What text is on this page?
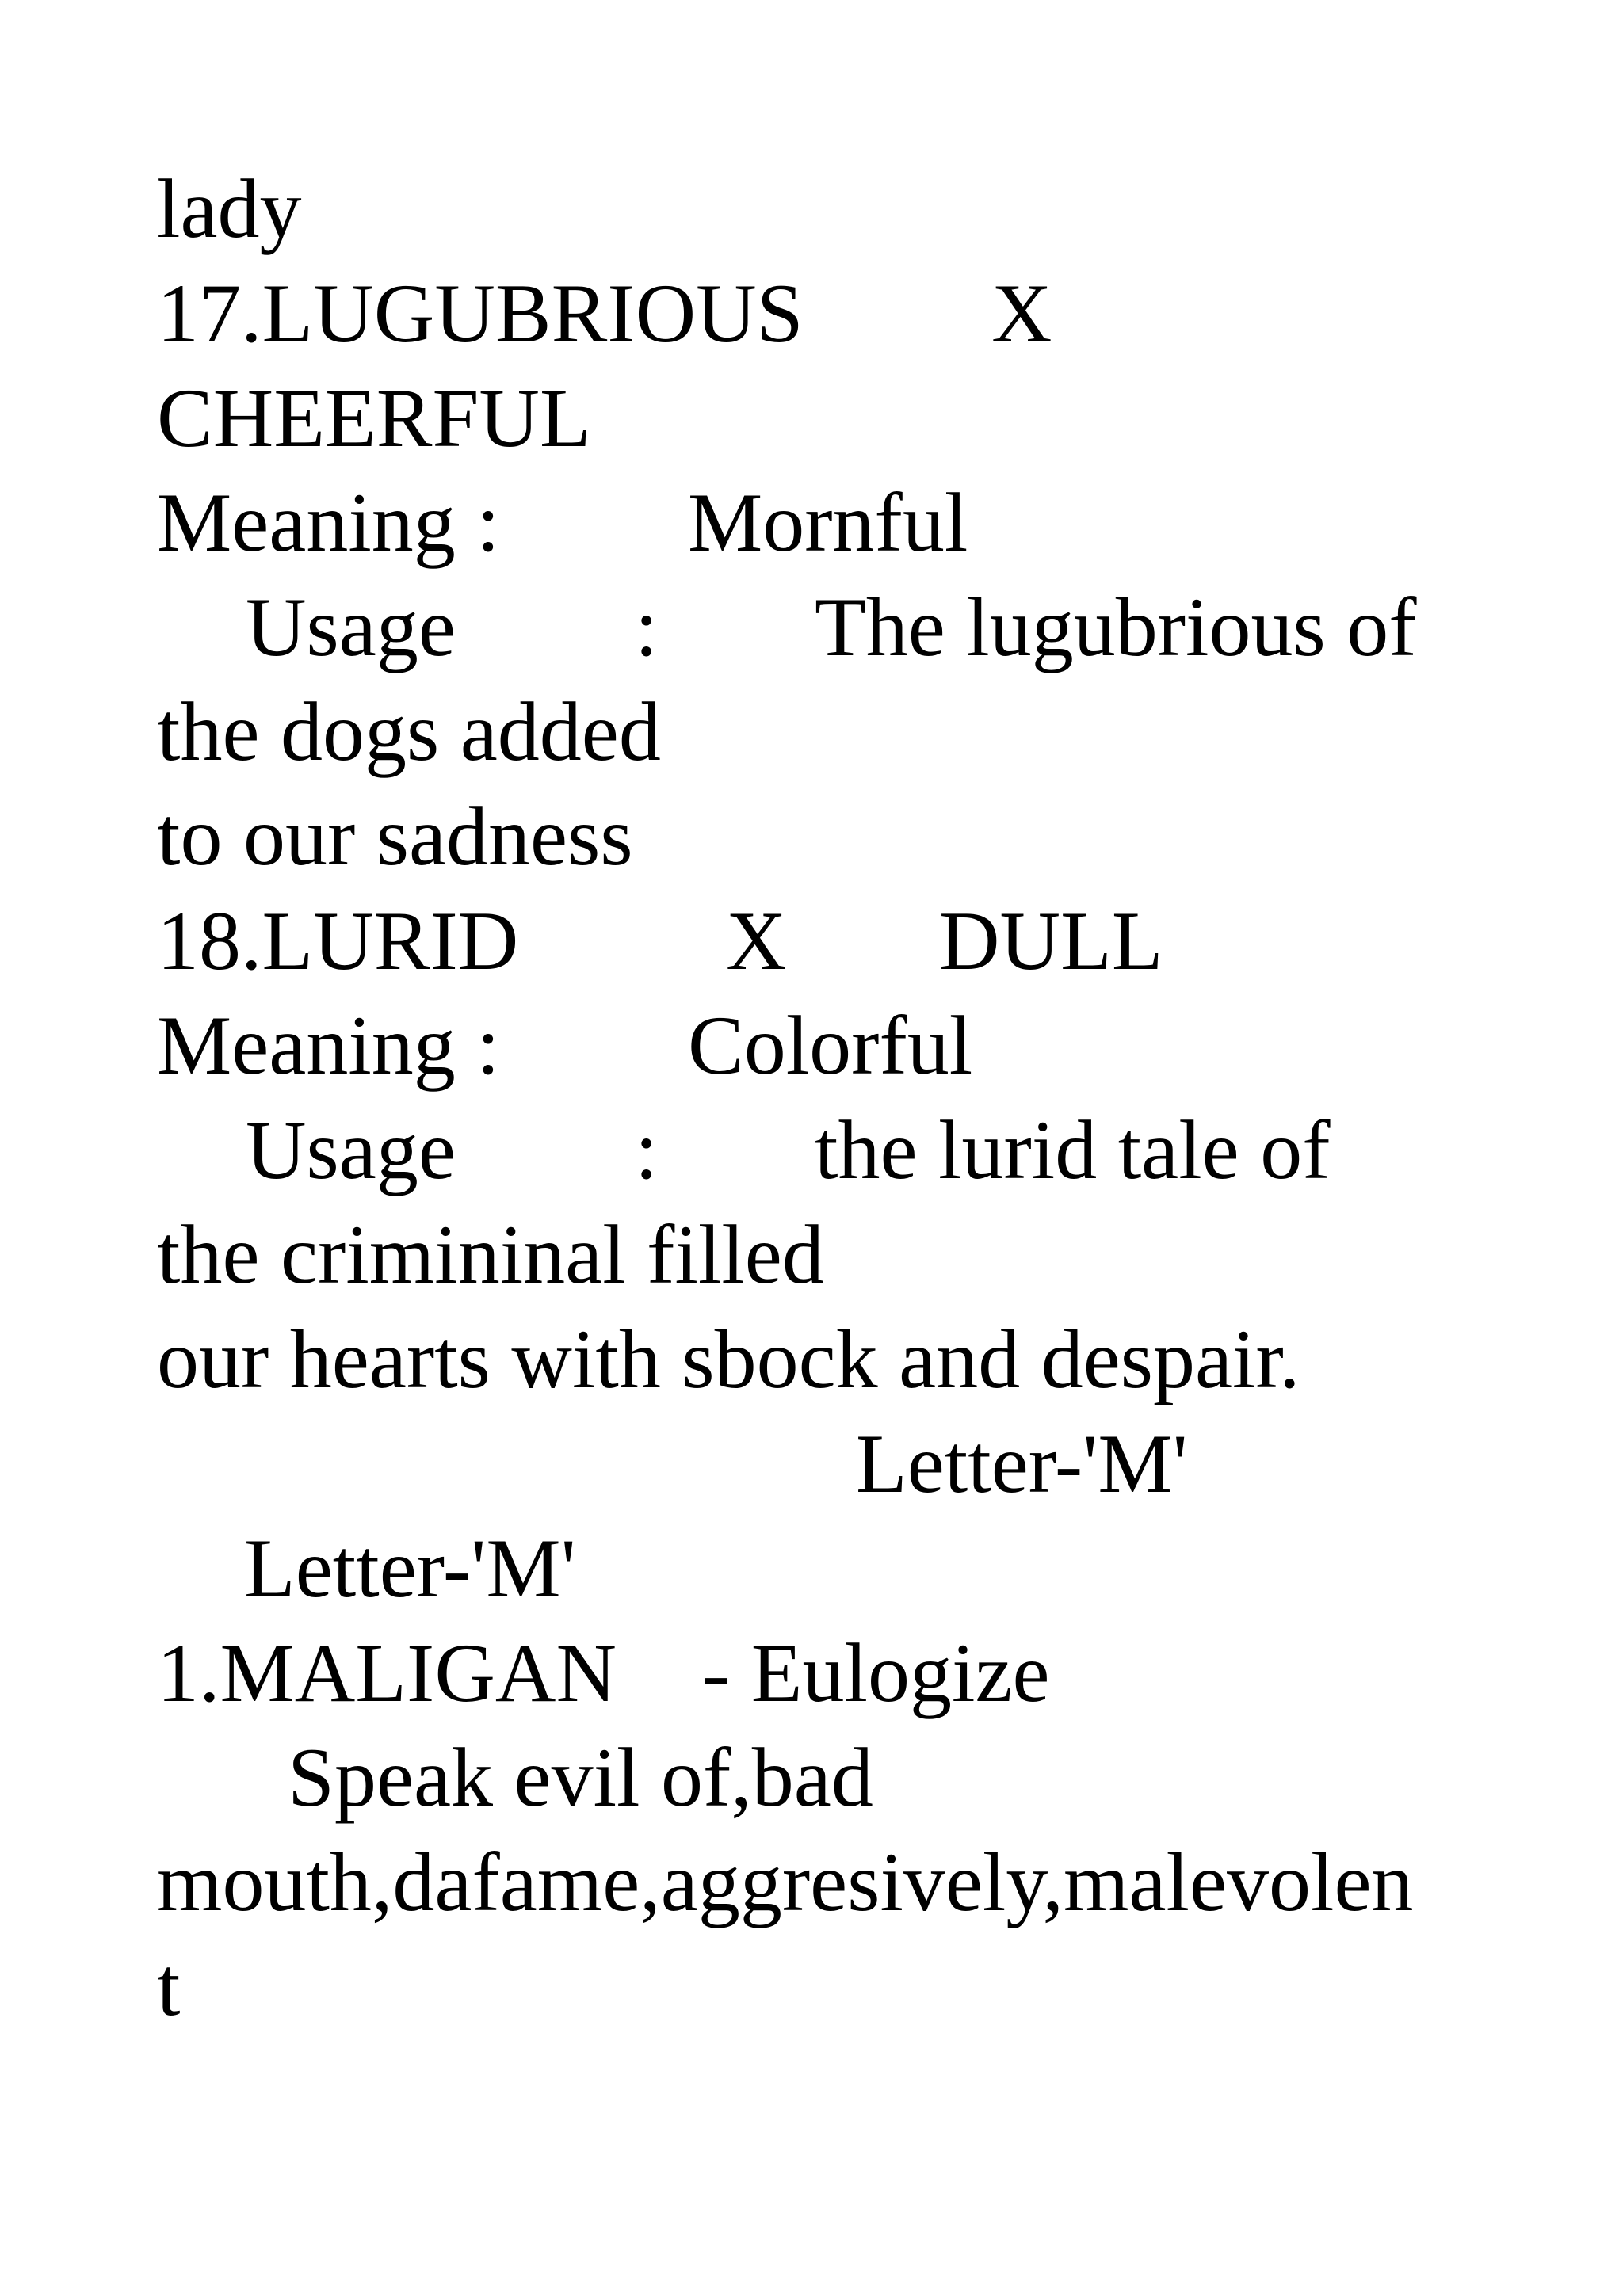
lady

17.LUGUBRIOUS

X

CHEERFUL

Meaning :

Mornful

Usage

:

The lugubrious of

the dogs added

to our sadness

18.LURID

X

DULL

Meaning :

Colorful

Usage

:

the lurid tale of

the crimininal filled

our hearts with sbock and despair.

Letter-'M'

Letter-'M'

1.MALIGAN

- Eulogize

Speak evil of,bad

mouth,dafame,aggresively,malevolen

t
